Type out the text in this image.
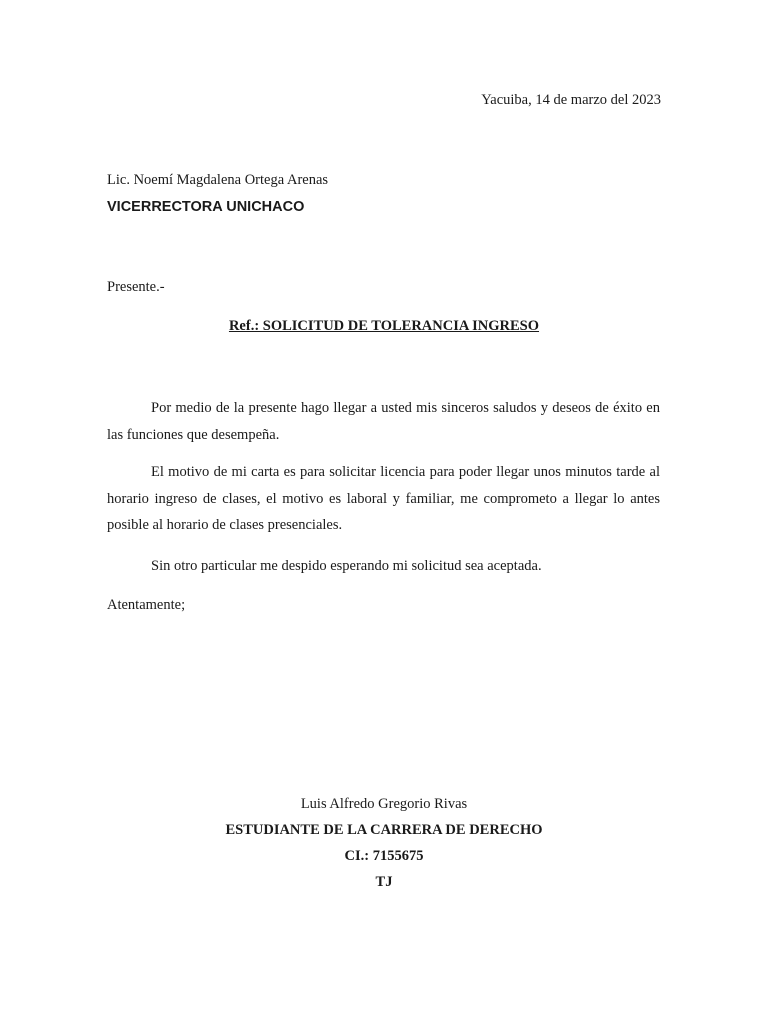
Yacuiba, 14 de marzo del 2023
Lic. Noemí Magdalena Ortega Arenas
VICERRECTORA UNICHACO
Presente.-
Ref.: SOLICITUD DE TOLERANCIA INGRESO

Por medio de la presente hago llegar a usted mis sinceros saludos y deseos de éxito en las funciones que desempeña.

El motivo de mi carta es para solicitar licencia para poder llegar unos minutos tarde al horario ingreso de clases, el motivo es laboral y familiar, me comprometo a llegar lo antes posible al horario de clases presenciales.

Sin otro particular me despido esperando mi solicitud sea aceptada.

Atentamente;
Luis Alfredo Gregorio Rivas
ESTUDIANTE DE LA CARRERA DE DERECHO
CI.: 7155675
TJ
